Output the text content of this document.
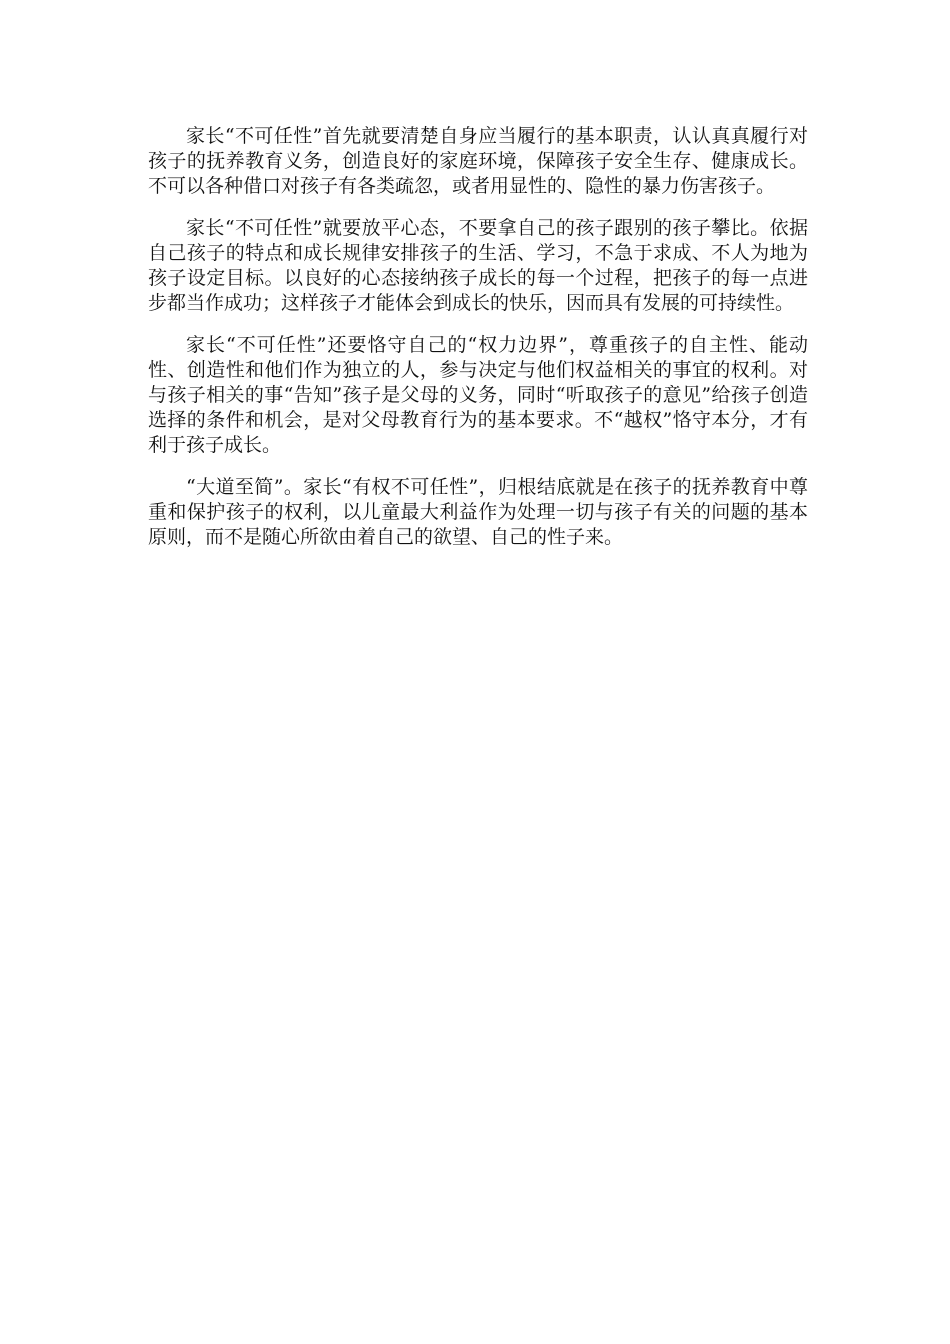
家长“不可任性”首先就要清楚自身应当履行的基本职责，认认真真履行对孩子的抚养教育义务，创造良好的家庭环境，保障孩子安全生存、健康成长。不可以各种借口对孩子有各类疏忽，或者用显性的、隐性的暴力伤害孩子。

家长“不可任性”就要放平心态，不要拿自己的孩子跟别的孩子攀比。依据自己孩子的特点和成长规律安排孩子的生活、学习，不急于求成、不人为地为孩子设定目标。以良好的心态接纳孩子成长的每一个过程，把孩子的每一点进步都当作成功；这样孩子才能体会到成长的快乐，因而具有发展的可持续性。

家长“不可任性”还要恪守自己的“权力边界”，尊重孩子的自主性、能动性、创造性和他们作为独立的人，参与决定与他们权益相关的事宜的权利。对与孩子相关的事“告知”孩子是父母的义务，同时“听取孩子的意见”给孩子创造选择的条件和机会，是对父母教育行为的基本要求。不“越权”恪守本分，才有利于孩子成长。

“大道至简”。家长“有权不可任性”，归根结底就是在孩子的抚养教育中尊重和保护孩子的权利，以儿童最大利益作为处理一切与孩子有关的问题的基本原则，而不是随心所欲由着自己的欲望、自己的性子来。
